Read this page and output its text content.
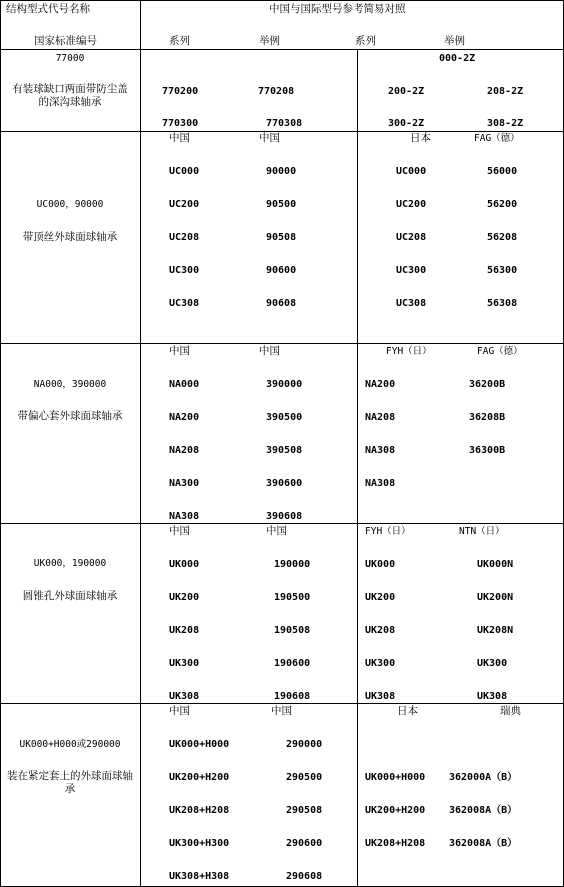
结构型式代号名称
国家标准编号
中国与国际型号参考简易对照
系列	举例	系列	举例
77000
有装球缺口两面带防尘盖的深沟球轴承
000-2Z
770200	770208	200-2Z	208-2Z
770300	770308	300-2Z	308-2Z
UC000，90000
带顶丝外球面球轴承
中国	中国	日本	FAG（德）
UC000	90000	UC000	56000
UC200	90500	UC200	56200
UC208	90508	UC208	56208
UC300	90600	UC300	56300
UC308	90608	UC308	56308
NA000，390000
带偏心套外球面球轴承
中国	中国	FYH（日）	FAG（德）
NA000	390000	NA200	36200B
NA200	390500	NA208	36208B
NA208	390508	NA308	36300B
NA300	390600	NA308
NA308	390608
UK000，190000
圆锥孔外球面球轴承
中国	中国	FYH（日）	NTN（日）
UK000	190000	UK000	UK000N
UK200	190500	UK200	UK200N
UK208	190508	UK208	UK208N
UK300	190600	UK300	UK300
UK308	190608	UK308	UK308
UK000+H000或290000
装在紧定套上的外球面球轴承
中国	中国	日本	瑞典
UK000+H000	290000
UK200+H200	290500	UK000+H000 362000A（B）
UK208+H208	290508	UK200+H200 362008A（B）
UK300+H300	290600	UK208+H208 362008A（B）
UK308+H308	290608
